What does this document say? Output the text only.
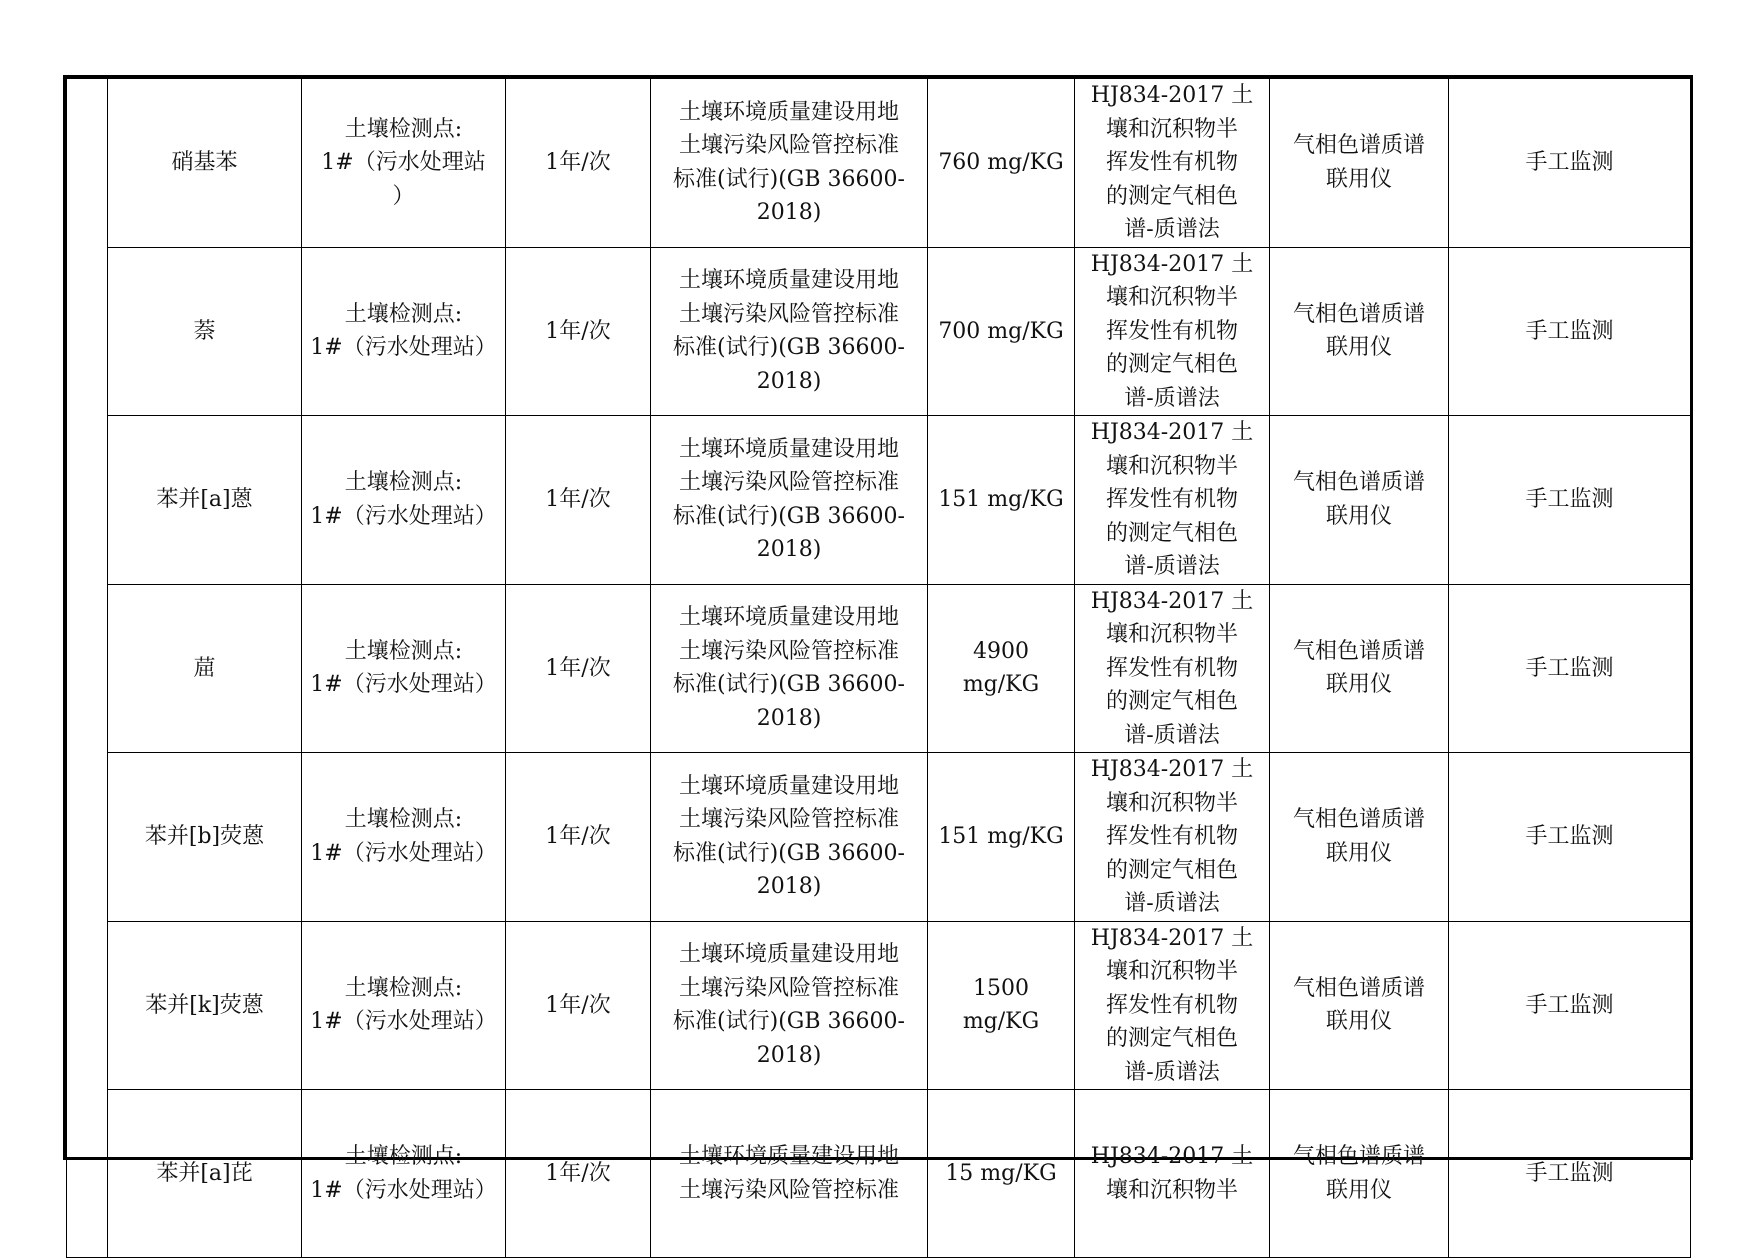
	硝基苯	土壤检测点:
1#（污水处理站
）	1年/次	土壤环境质量建设用地
土壤污染风险管控标准
标准(试行)(GB 36600-
2018)	760 mg/KG	HJ834-2017 土
壤和沉积物半
挥发性有机物
的测定气相色
谱-质谱法	气相色谱质谱
联用仪	手工监测

	萘	土壤检测点:
1#（污水处理站）	1年/次	土壤环境质量建设用地
土壤污染风险管控标准
标准(试行)(GB 36600-
2018)	700 mg/KG	HJ834-2017 土
壤和沉积物半
挥发性有机物
的测定气相色
谱-质谱法	气相色谱质谱
联用仪	手工监测

	苯并[a]蒽	土壤检测点:
1#（污水处理站）	1年/次	土壤环境质量建设用地
土壤污染风险管控标准
标准(试行)(GB 36600-
2018)	151 mg/KG	HJ834-2017 土
壤和沉积物半
挥发性有机物
的测定气相色
谱-质谱法	气相色谱质谱
联用仪	手工监测

	䓛	土壤检测点:
1#（污水处理站）	1年/次	土壤环境质量建设用地
土壤污染风险管控标准
标准(试行)(GB 36600-
2018)	4900
mg/KG	HJ834-2017 土
壤和沉积物半
挥发性有机物
的测定气相色
谱-质谱法	气相色谱质谱
联用仪	手工监测

	苯并[b]荧蒽	土壤检测点:
1#（污水处理站）	1年/次	土壤环境质量建设用地
土壤污染风险管控标准
标准(试行)(GB 36600-
2018)	151 mg/KG	HJ834-2017 土
壤和沉积物半
挥发性有机物
的测定气相色
谱-质谱法	气相色谱质谱
联用仪	手工监测

	苯并[k]荧蒽	土壤检测点:
1#（污水处理站）	1年/次	土壤环境质量建设用地
土壤污染风险管控标准
标准(试行)(GB 36600-
2018)	1500
mg/KG	HJ834-2017 土
壤和沉积物半
挥发性有机物
的测定气相色
谱-质谱法	气相色谱质谱
联用仪	手工监测

	苯并[a]芘	土壤检测点:
1#（污水处理站）	1年/次	土壤环境质量建设用地
土壤污染风险管控标准	15 mg/KG	HJ834-2017 土
壤和沉积物半	气相色谱质谱
联用仪	手工监测
